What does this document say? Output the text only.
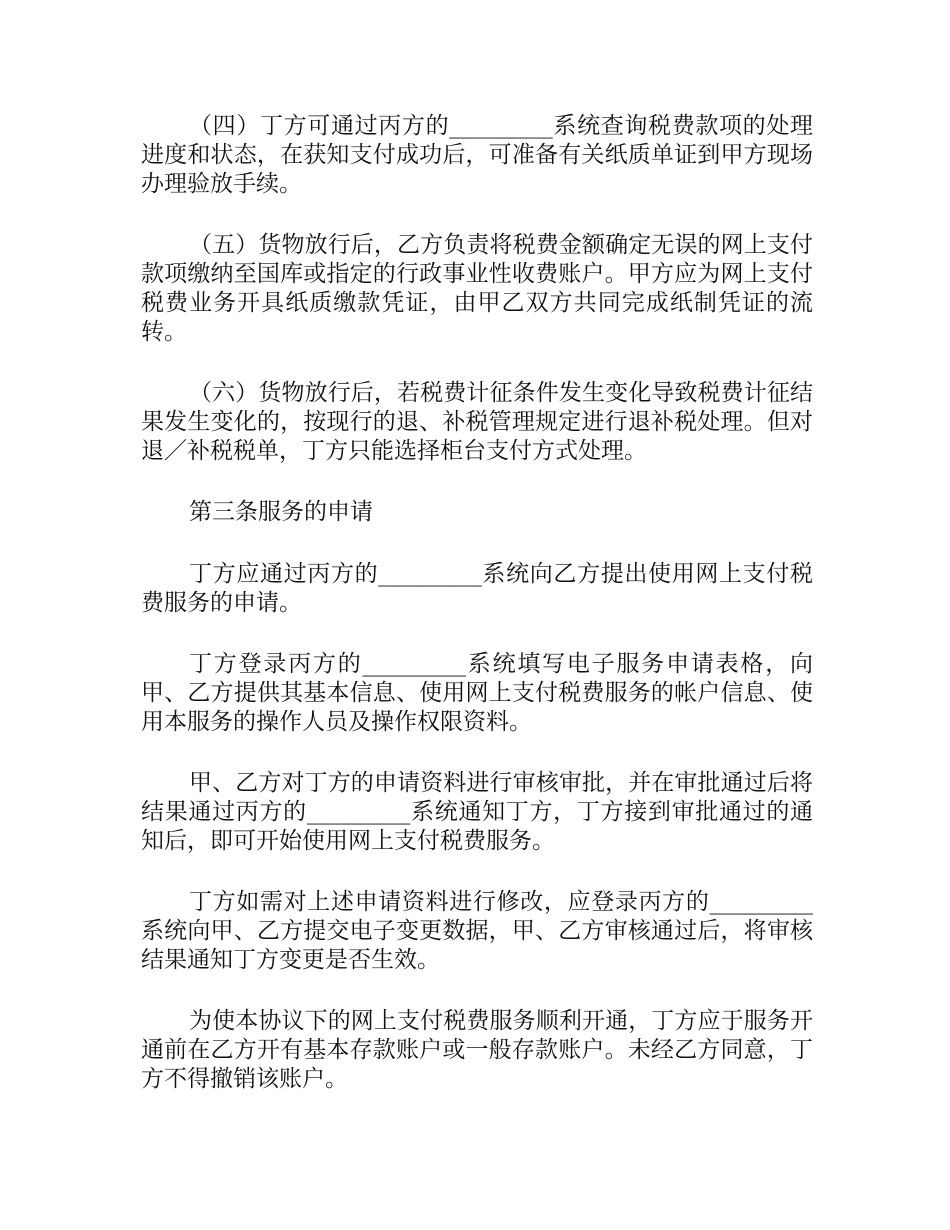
（四）丁方可通过丙方的_________系统查询税费款项的处理进度和状态，在获知支付成功后，可准备有关纸质单证到甲方现场办理验放手续。

（五）货物放行后，乙方负责将税费金额确定无误的网上支付款项缴纳至国库或指定的行政事业性收费账户。甲方应为网上支付税费业务开具纸质缴款凭证，由甲乙双方共同完成纸制凭证的流转。

（六）货物放行后，若税费计征条件发生变化导致税费计征结果发生变化的，按现行的退、补税管理规定进行退补税处理。但对退／补税税单，丁方只能选择柜台支付方式处理。

第三条服务的申请

丁方应通过丙方的_________系统向乙方提出使用网上支付税费服务的申请。

丁方登录丙方的_________系统填写电子服务申请表格，向甲、乙方提供其基本信息、使用网上支付税费服务的帐户信息、使用本服务的操作人员及操作权限资料。

甲、乙方对丁方的申请资料进行审核审批，并在审批通过后将结果通过丙方的_________系统通知丁方，丁方接到审批通过的通知后，即可开始使用网上支付税费服务。

丁方如需对上述申请资料进行修改，应登录丙方的_________系统向甲、乙方提交电子变更数据，甲、乙方审核通过后，将审核结果通知丁方变更是否生效。

为使本协议下的网上支付税费服务顺利开通，丁方应于服务开通前在乙方开有基本存款账户或一般存款账户。未经乙方同意，丁方不得撤销该账户。
